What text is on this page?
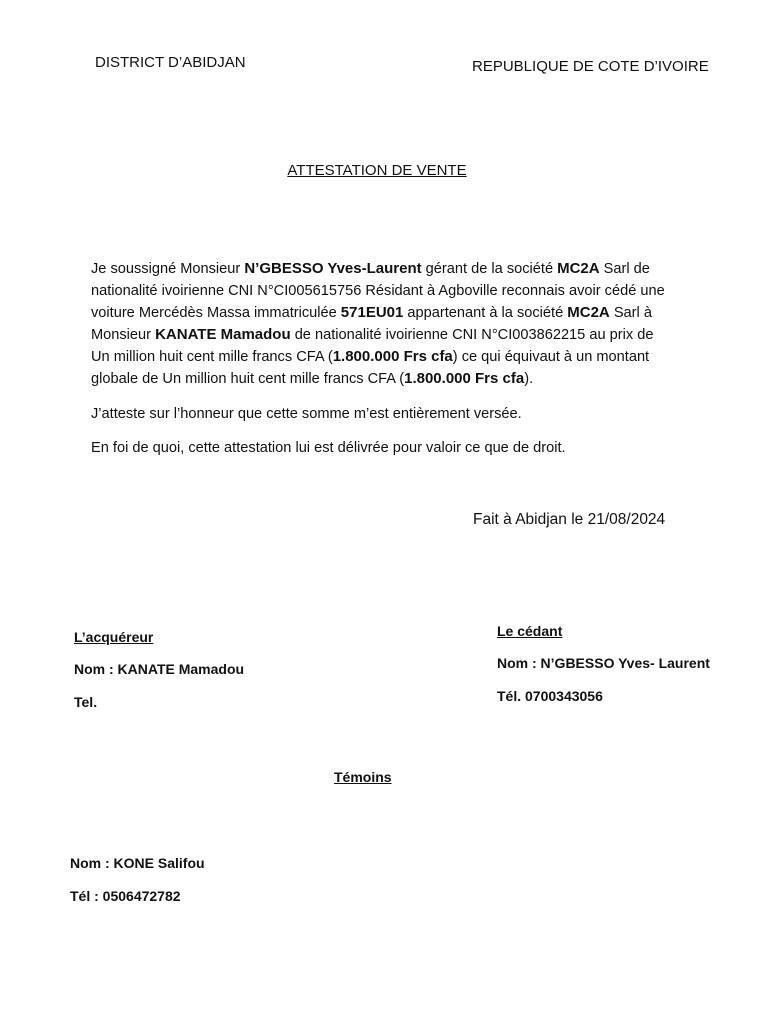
DISTRICT D’ABIDJAN	REPUBLIQUE DE COTE D’IVOIRE
ATTESTATION DE VENTE

Je soussigné Monsieur N’GBESSO Yves-Laurent gérant de la société MC2A Sarl de nationalité ivoirienne CNI N°CI005615756 Résidant à Agboville reconnais avoir cédé une voiture Mercédès Massa immatriculée 571EU01 appartenant à la société MC2A Sarl à Monsieur KANATE Mamadou de nationalité ivoirienne CNI N°CI003862215 au prix de Un million huit cent mille francs CFA (1.800.000 Frs cfa) ce qui équivaut à un montant globale de Un million huit cent mille francs CFA (1.800.000 Frs cfa).

J’atteste sur l’honneur que cette somme m’est entièrement versée.

En foi de quoi, cette attestation lui est délivrée pour valoir ce que de droit.

Fait à Abidjan le 21/08/2024
L’acquéreur
Nom : KANATE Mamadou
Tel.
Le cédant
Nom : N’GBESSO Yves- Laurent
Tél. 0700343056
Témoins
Nom : KONE Salifou
Tél : 0506472782
